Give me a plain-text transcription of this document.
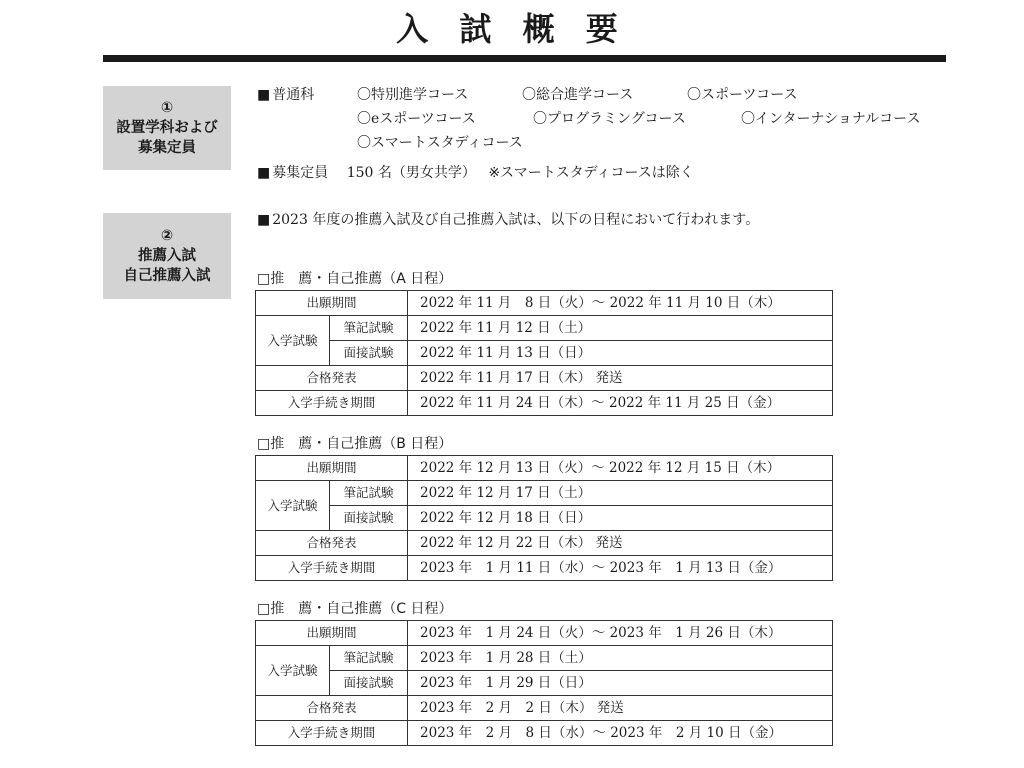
入 試 概 要
①
設置学科および
募集定員
■ 普通科	〇特別進学コース	〇総合進学コース	〇スポーツコース
〇eスポーツコース	〇プログラミングコース	〇インターナショナルコース
〇スマートスタディコース
■ 募集定員 150 名（男女共学） ※スマートスタディコースは除く
②
推薦入試
自己推薦入試
■ 2023 年度の推薦入試及び自己推薦入試は、以下の日程において行われます。
□推　薦・自己推薦（A 日程）
出願期間		2022 年 11 月　8 日（火）～ 2022 年 11 月 10 日（木）
入学試験	筆記試験	2022 年 11 月 12 日（土）
	面接試験	2022 年 11 月 13 日（日）
合格発表		2022 年 11 月 17 日（木） 発送
入学手続き期間		2022 年 11 月 24 日（木）～ 2022 年 11 月 25 日（金）
□推　薦・自己推薦（B 日程）
出願期間		2022 年 12 月 13 日（火）～ 2022 年 12 月 15 日（木）
入学試験	筆記試験	2022 年 12 月 17 日（土）
	面接試験	2022 年 12 月 18 日（日）
合格発表		2022 年 12 月 22 日（木） 発送
入学手続き期間		2023 年　1 月 11 日（水）～ 2023 年　1 月 13 日（金）
□推　薦・自己推薦（C 日程）
出願期間		2023 年　1 月 24 日（火）～ 2023 年　1 月 26 日（木）
入学試験	筆記試験	2023 年　1 月 28 日（土）
	面接試験	2023 年　1 月 29 日（日）
合格発表		2023 年　2 月　2 日（木） 発送
入学手続き期間		2023 年　2 月　8 日（水）～ 2023 年　2 月 10 日（金）
